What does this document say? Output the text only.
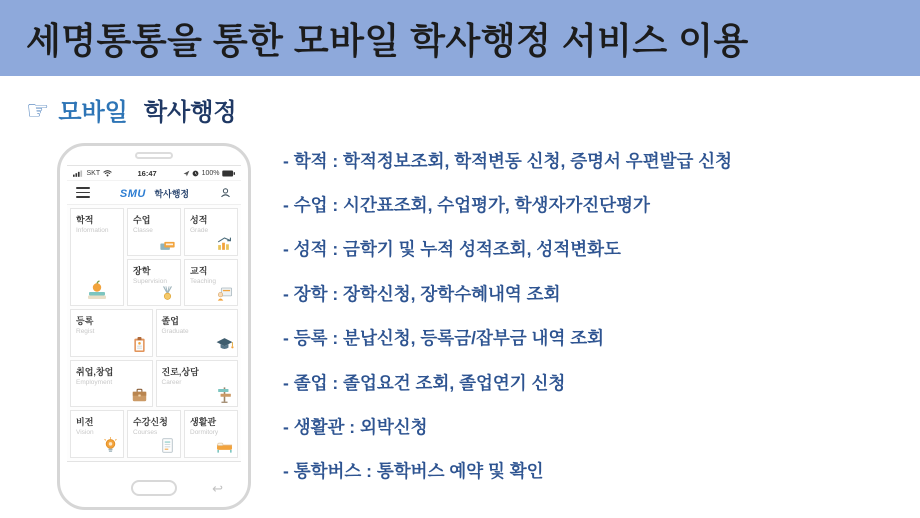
세명통통을 통한 모바일 학사행정 서비스 이용
☞ 모바일 학사행정
SKT	16:47	100%
SMU 학사행정
학적
Information
수업
Classe
성적
Grade
장학
Supervision
교직
Teaching
등록
Regist
졸업
Graduate
취업,창업
Employment
진로,상담
Career
비전
Vision
수강신청
Courses
생활관
Dormitory
↩
- 학적 : 학적정보조회, 학적변동 신청, 증명서 우편발급 신청
- 수업 : 시간표조회, 수업평가, 학생자가진단평가
- 성적 : 금학기 및 누적 성적조회, 성적변화도
- 장학 : 장학신청, 장학수혜내역 조회
- 등록 : 분납신청, 등록금/잡부금 내역 조회
- 졸업 : 졸업요건 조회, 졸업연기 신청
- 생활관 : 외박신청
- 통학버스 : 통학버스 예약 및 확인
